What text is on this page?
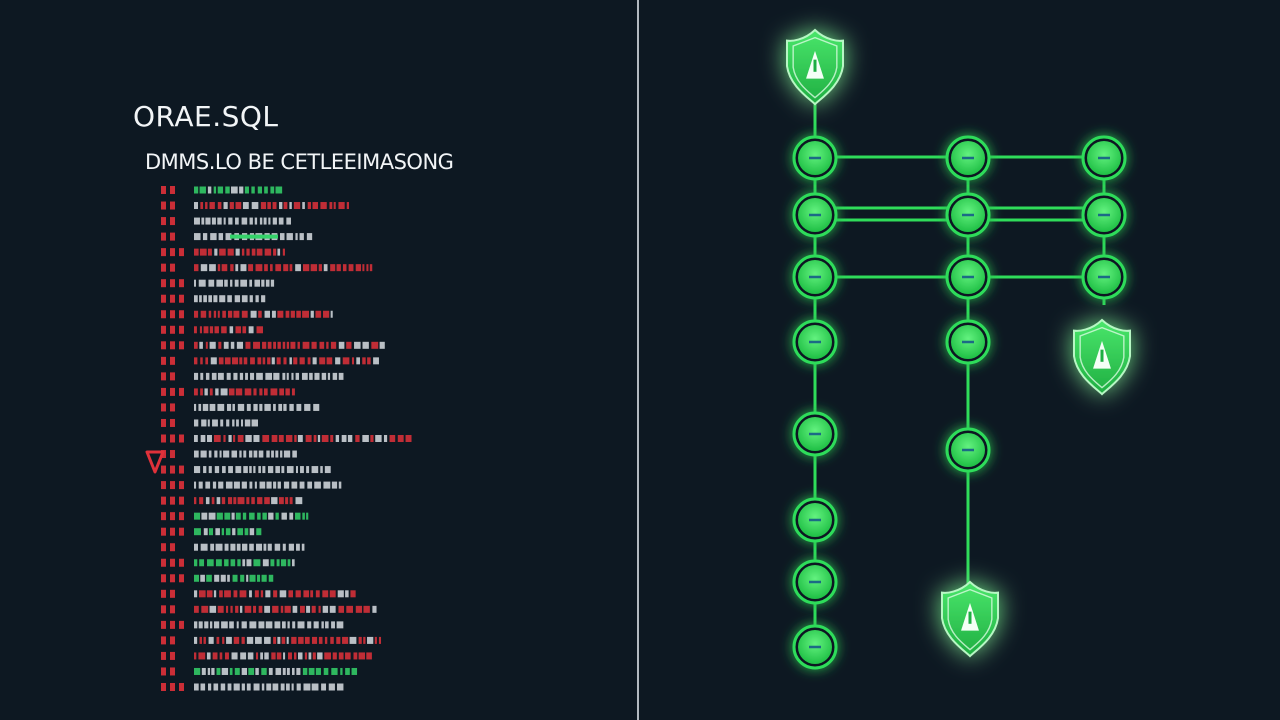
ORAE.SQL
DMMS.LO BE CETLEEIMASONG
